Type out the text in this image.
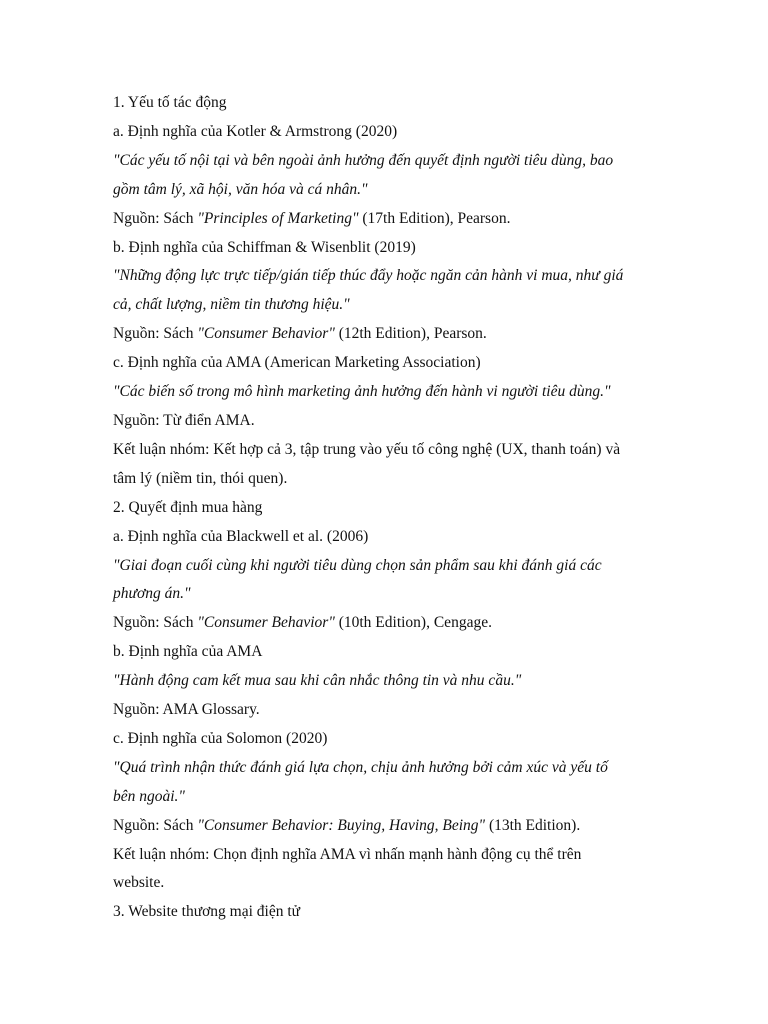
1. Yếu tố tác động
a. Định nghĩa của Kotler & Armstrong (2020)
"Các yếu tố nội tại và bên ngoài ảnh hưởng đến quyết định người tiêu dùng, bao
gồm tâm lý, xã hội, văn hóa và cá nhân."
Nguồn: Sách "Principles of Marketing" (17th Edition), Pearson.
b. Định nghĩa của Schiffman & Wisenblit (2019)
"Những động lực trực tiếp/gián tiếp thúc đẩy hoặc ngăn cản hành vi mua, như giá
cả, chất lượng, niềm tin thương hiệu."
Nguồn: Sách "Consumer Behavior" (12th Edition), Pearson.
c. Định nghĩa của AMA (American Marketing Association)
"Các biến số trong mô hình marketing ảnh hưởng đến hành vi người tiêu dùng."
Nguồn: Từ điển AMA.
Kết luận nhóm: Kết hợp cả 3, tập trung vào yếu tố công nghệ (UX, thanh toán) và
tâm lý (niềm tin, thói quen).
2. Quyết định mua hàng
a. Định nghĩa của Blackwell et al. (2006)
"Giai đoạn cuối cùng khi người tiêu dùng chọn sản phẩm sau khi đánh giá các
phương án."
Nguồn: Sách "Consumer Behavior" (10th Edition), Cengage.
b. Định nghĩa của AMA
"Hành động cam kết mua sau khi cân nhắc thông tin và nhu cầu."
Nguồn: AMA Glossary.
c. Định nghĩa của Solomon (2020)
"Quá trình nhận thức đánh giá lựa chọn, chịu ảnh hưởng bởi cảm xúc và yếu tố
bên ngoài."
Nguồn: Sách "Consumer Behavior: Buying, Having, Being" (13th Edition).
Kết luận nhóm: Chọn định nghĩa AMA vì nhấn mạnh hành động cụ thể trên
website.
3. Website thương mại điện tử
